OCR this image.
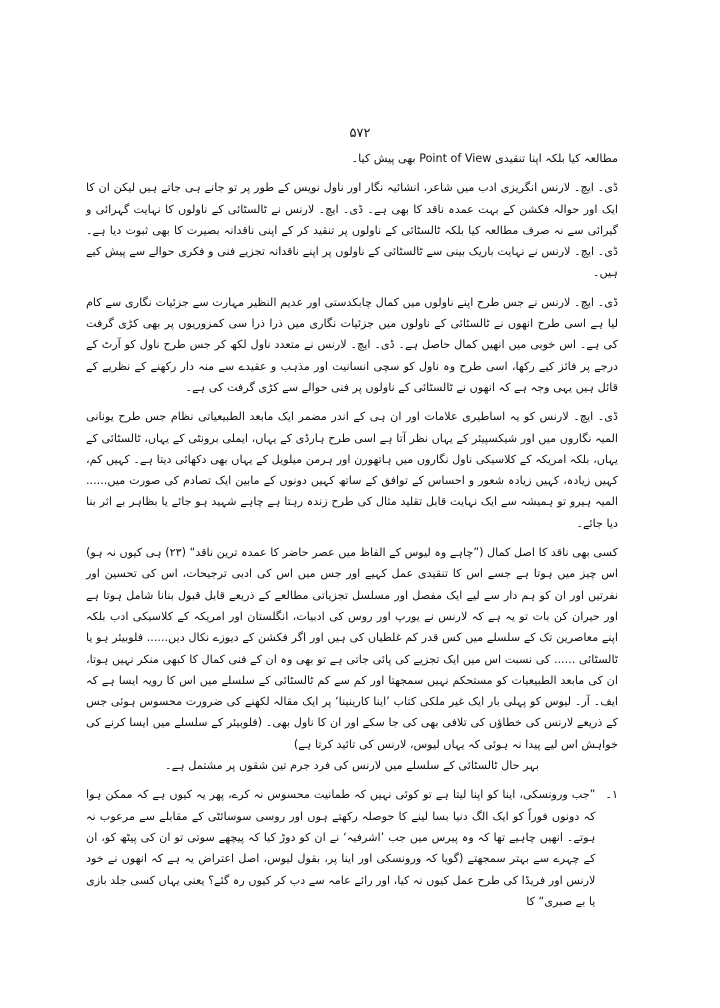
۵۷۲

مطالعہ کیا بلکہ اپنا تنقیدی Point of View بھی پیش کیا۔

ڈی۔ ایچ۔ لارنس انگریزی ادب میں شاعر، انشائیہ نگار اور ناول نویس کے طور پر تو جانے ہی جاتے ہیں لیکن ان کا ایک اور حوالہ فکشن کے بہت عمدہ ناقد کا بھی ہے۔ ڈی۔ ایچ۔ لارنس نے ٹالسٹائی کے ناولوں کا نہایت گہرائی و گیرائی سے نہ صرف مطالعہ کیا بلکہ ٹالسٹائی کے ناولوں پر تنقید کر کے اپنی ناقدانہ بصیرت کا بھی ثبوت دیا ہے۔ ڈی۔ ایچ۔ لارنس نے نہایت باریک بینی سے ٹالسٹائی کے ناولوں پر اپنے ناقدانہ تجزیے فنی و فکری حوالے سے پیش کیے ہیں۔

ڈی۔ ایچ۔ لارنس نے جس طرح اپنے ناولوں میں کمال چابکدستی اور عدیم النظیر مہارت سے جزئیات نگاری سے کام لیا ہے اسی طرح انھوں نے ٹالسٹائی کے ناولوں میں جزئیات نگاری میں ذرا ذرا سی کمزوریوں پر بھی کڑی گرفت کی ہے۔ اس خوبی میں انھیں کمال حاصل ہے۔ ڈی۔ ایچ۔ لارنس نے متعدد ناول لکھ کر جس طرح ناول کو آرٹ کے درجے پر فائز کیے رکھا، اسی طرح وہ ناول کو سچی انسانیت اور مذہب و عقیدے سے منہ دار رکھنے کے نظریے کے قائل ہیں یہی وجہ ہے کہ انھوں نے ٹالسٹائی کے ناولوں پر فنی حوالے سے کڑی گرفت کی ہے۔

ڈی۔ ایچ۔ لارنس کو یہ اساطیری علامات اور ان ہی کے اندر مضمر ایک مابعد الطبیعیاتی نظام جس طرح یونانی المیہ نگاروں میں اور شیکسپیئر کے یہاں نظر آتا ہے اسی طرح ہارڈی کے یہاں، ایملی برونٹی کے یہاں، ٹالسٹائی کے یہاں، بلکہ امریکہ کے کلاسیکی ناول نگاروں میں ہاتھورن اور ہرمن میلویل کے یہاں بھی دکھائی دیتا ہے۔ کہیں کم، کہیں زیادہ، کہیں زیادہ شعور و احساس کے توافق کے ساتھ کہیں دونوں کے مابین ایک تصادم کی صورت میں...... المیہ ہیرو تو ہمیشہ سے ایک نہایت قابل تقلید مثال کی طرح زندہ رہتا ہے چاہے شہید ہو جائے یا بظاہر بے اثر بنا دیا جائے۔

کسی بھی ناقد کا اصل کمال (”چاہے وہ لیوس کے الفاظ میں عصر حاضر کا عمدہ ترین ناقد“ (۲۳) ہی کیوں نہ ہو) اس چیز میں ہوتا ہے جسے اس کا تنقیدی عمل کہیے اور جس میں اس کی ادبی ترجیحات، اس کی تحسین اور نفرتیں اور ان کو ہم دار سے لیے ایک مفصل اور مسلسل تجزیاتی مطالعے کے ذریعے قابل قبول بنانا شامل ہوتا ہے اور حیران کن بات تو یہ ہے کہ لارنس نے یورپ اور روس کی ادبیات، انگلستان اور امریکہ کے کلاسیکی ادب بلکہ اپنے معاصرین تک کے سلسلے میں کس قدر کم غلطیاں کی ہیں اور اگر فکشن کے دیوزے نکال دیں...... فلوبیئر ہو یا ٹالسٹائی ...... کی نسبت اس میں ایک تجزیے کی پائی جاتی ہے تو بھی وہ ان کے فنی کمال کا کبھی منکر نہیں ہوتا، ان کی مابعد الطبیعیات کو مستحکم نہیں سمجھتا اور کم سے کم ٹالسٹائی کے سلسلے میں اس کا رویہ ایسا ہے کہ ایف۔ آر۔ لیوس کو پہلی بار ایک غیر ملکی کتاب ’اینا کارینینا‘ پر ایک مقالہ لکھنے کی ضرورت محسوس ہوئی جس کے ذریعے لارنس کی خطاؤں کی تلافی بھی کی جا سکے اور ان کا ناول بھی۔ (فلوبیئر کے سلسلے میں ایسا کرنے کی خواہش اس لیے پیدا نہ ہوئی کہ یہاں لیوس، لارنس کی تائید کرتا ہے)

بہر حال ٹالسٹائی کے سلسلے میں لارنس کی فرد جرم تین شقوں پر مشتمل ہے۔

۱۔
”جب ورونسکی، اینا کو اپنا لیتا ہے تو کوئی نہیں کہ طمانیت محسوس نہ کرے، پھر یہ کیوں ہے کہ ممکن ہوا کہ دونوں فوراً کو ایک الگ دنیا بسا لینے کا حوصلہ رکھتے ہوں اور روسی سوسائٹی کے مقابلے سے مرعوب نہ ہوتے۔ انھیں چاہیے تھا کہ وہ پیرس میں جب ’اشرفیہ‘ نے ان کو دوڑ کیا کہ پیچھے سوتی تو ان کی پیٹھ کو، ان کے چہرے سے بہتر سمجھتے (گویا کہ ورونسکی اور اینا پر، بقول لیوس، اصل اعتراض یہ ہے کہ انھوں نے خود لارنس اور فریڈا کی طرح عمل کیوں نہ کیا، اور رائے عامہ سے دب کر کیوں رہ گئے؟ یعنی یہاں کسی جلد بازی یا بے صبری“ کا
